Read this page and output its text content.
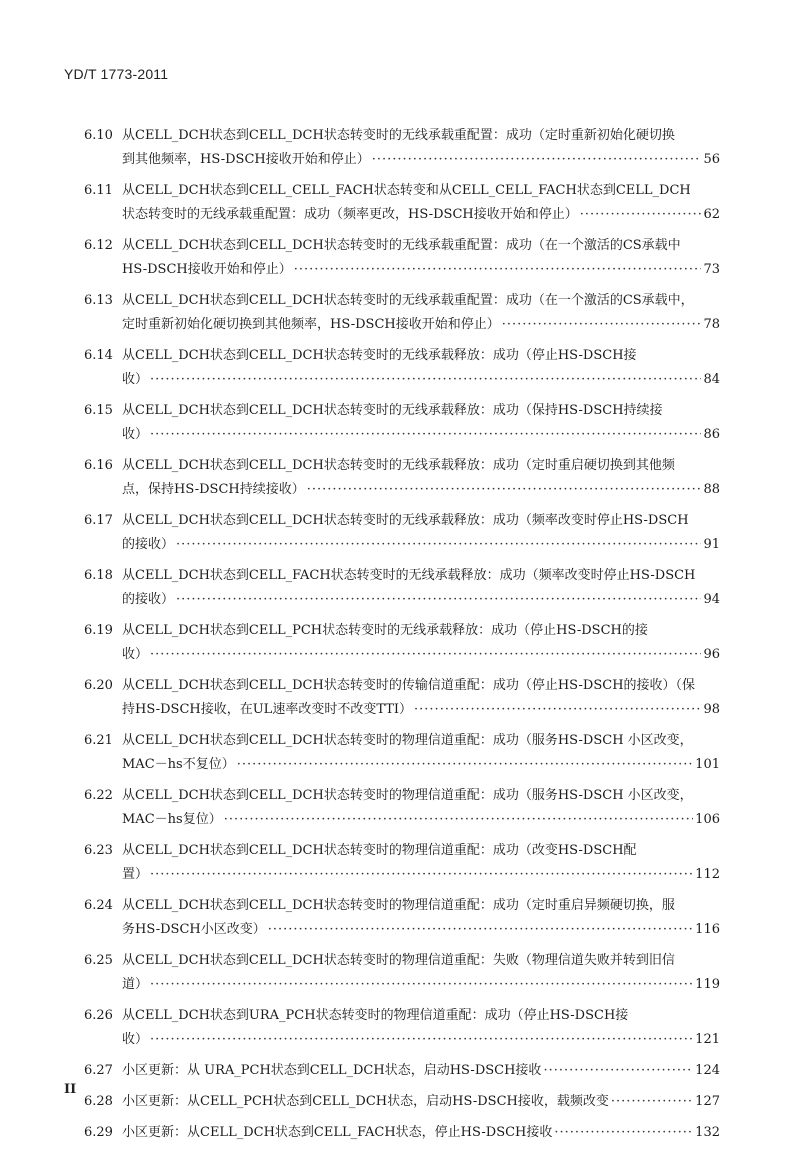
YD/T 1773-2011
6.10 从CELL_DCH状态到CELL_DCH状态转变时的无线承载重配置：成功（定时重新初始化硬切换
到其他频率，HS-DSCH接收开始和停止） ·····	56
6.11 从CELL_DCH状态到CELL_CELL_FACH状态转变和从CELL_CELL_FACH状态到CELL_DCH
状态转变时的无线承载重配置：成功（频率更改，HS-DSCH接收开始和停止） ·····	62
6.12 从CELL_DCH状态到CELL_DCH状态转变时的无线承载重配置：成功（在一个激活的CS承载中
HS-DSCH接收开始和停止） ·····	73
6.13 从CELL_DCH状态到CELL_DCH状态转变时的无线承载重配置：成功（在一个激活的CS承载中，
定时重新初始化硬切换到其他频率，HS-DSCH接收开始和停止） ·····	78
6.14 从CELL_DCH状态到CELL_DCH状态转变时的无线承载释放：成功（停止HS-DSCH接
收） ·····	84
6.15 从CELL_DCH状态到CELL_DCH状态转变时的无线承载释放：成功（保持HS-DSCH持续接
收） ·····	86
6.16 从CELL_DCH状态到CELL_DCH状态转变时的无线承载释放：成功（定时重启硬切换到其他频
点，保持HS-DSCH持续接收） ·····	88
6.17 从CELL_DCH状态到CELL_DCH状态转变时的无线承载释放：成功（频率改变时停止HS-DSCH
的接收） ·····	91
6.18 从CELL_DCH状态到CELL_FACH状态转变时的无线承载释放：成功（频率改变时停止HS-DSCH
的接收） ·····	94
6.19 从CELL_DCH状态到CELL_PCH状态转变时的无线承载释放：成功（停止HS-DSCH的接
收） ·····	96
6.20 从CELL_DCH状态到CELL_DCH状态转变时的传输信道重配：成功（停止HS-DSCH的接收）（保
持HS-DSCH接收，在UL速率改变时不改变TTI） ·····	98
6.21 从CELL_DCH状态到CELL_DCH状态转变时的物理信道重配：成功（服务HS-DSCH 小区改变，
MAC－hs不复位） ·····	101
6.22 从CELL_DCH状态到CELL_DCH状态转变时的物理信道重配：成功（服务HS-DSCH 小区改变，
MAC－hs复位） ·····	106
6.23 从CELL_DCH状态到CELL_DCH状态转变时的物理信道重配：成功（改变HS-DSCH配
置） ·····	112
6.24 从CELL_DCH状态到CELL_DCH状态转变时的物理信道重配：成功（定时重启异频硬切换，服
务HS-DSCH小区改变） ·····	116
6.25 从CELL_DCH状态到CELL_DCH状态转变时的物理信道重配：失败（物理信道失败并转到旧信
道） ·····	119
6.26 从CELL_DCH状态到URA_PCH状态转变时的物理信道重配：成功（停止HS-DSCH接
收） ·····	121
6.27 小区更新：从 URA_PCH状态到CELL_DCH状态，启动HS-DSCH接收 ·····	124
6.28 小区更新：从CELL_PCH状态到CELL_DCH状态，启动HS-DSCH接收，载频改变 ·····	127
6.29 小区更新：从CELL_DCH状态到CELL_FACH状态，停止HS-DSCH接收 ·····	132
II
